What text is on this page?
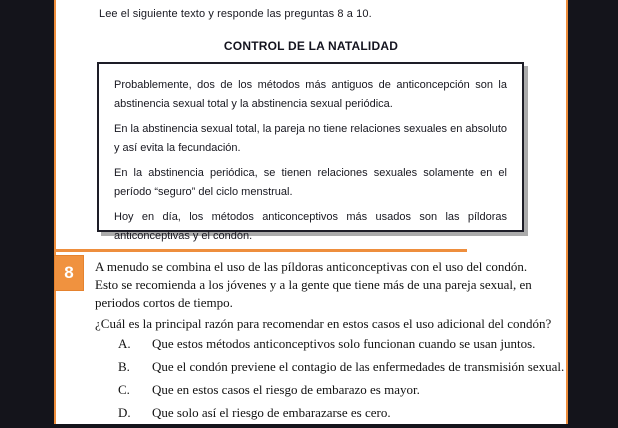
Lee el siguiente texto y responde las preguntas 8 a 10.
CONTROL DE LA NATALIDAD

Probablemente, dos de los métodos más antiguos de anticoncepción son la abstinencia sexual total y la abstinencia sexual periódica.

En la abstinencia sexual total, la pareja no tiene relaciones sexuales en absoluto y así evita la fecundación.

En la abstinencia periódica, se tienen relaciones sexuales solamente en el período “seguro” del ciclo menstrual.

Hoy en día, los métodos anticonceptivos más usados son las píldoras anticonceptivas y el condón.

8	A menudo se combina el uso de las píldoras anticonceptivas con el uso del condón.

Esto se recomienda a los jóvenes y a la gente que tiene más de una pareja sexual, en periodos cortos de tiempo.

¿Cuál es la principal razón para recomendar en estos casos el uso adicional del condón?

A.	Que estos métodos anticonceptivos solo funcionan cuando se usan juntos.
B.	Que el condón previene el contagio de las enfermedades de transmisión sexual.
C.	Que en estos casos el riesgo de embarazo es mayor.
D.	Que solo así el riesgo de embarazarse es cero.
